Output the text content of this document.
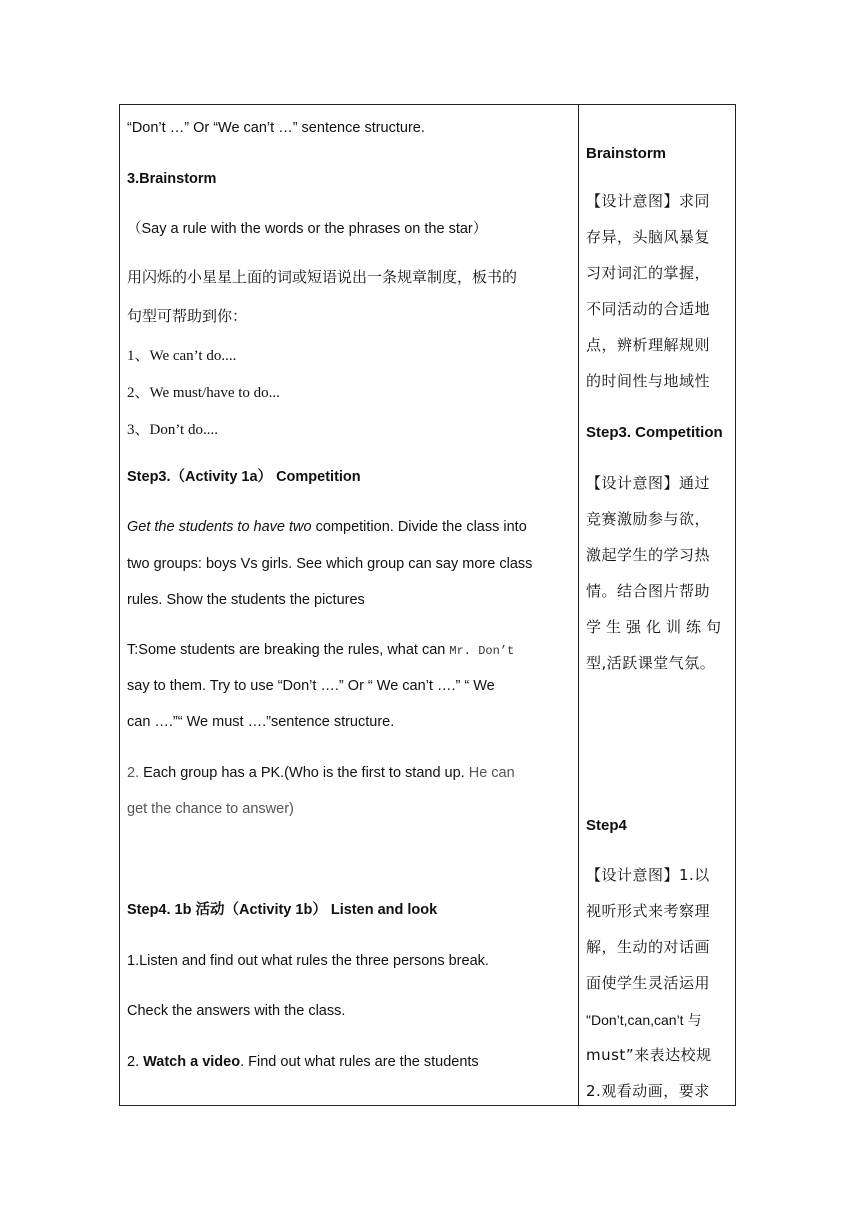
“Don’t …” Or “We can’t …” sentence structure.
3.Brainstorm
（Say a rule with the words or the phrases on the star）
用闪烁的小星星上面的词或短语说出一条规章制度，板书的
句型可帮助到你：
1、We can’t do....
2、We must/have to do...
3、Don’t do....
Step3.（Activity 1a） Competition
Get the students to have two competition. Divide the class into
two groups: boys Vs girls. See which group can say more class
rules. Show the students the pictures
T:Some students are breaking the rules, what can Mr. Don’t
say to them. Try to use “Don’t ….” Or “ We can’t ….” “ We
can ….”“ We must ….”sentence structure.
2. Each group has a PK.(Who is the first to stand up. He can
get the chance to answer)
Step4. 1b 活动（Activity 1b） Listen and look
1.Listen and find out what rules the three persons break.
Check the answers with the class.
2. Watch a video. Find out what rules are the students
Brainstorm
【设计意图】求同
存异，头脑风暴复
习对词汇的掌握，
不同活动的合适地
点，辨析理解规则
的时间性与地域性
Step3. Competition
【设计意图】通过
竞赛激励参与欲，
激起学生的学习热
情。结合图片帮助
学生强化训练句
型,活跃课堂气氛。
Step4
【设计意图】1.以
视听形式来考察理
解，生动的对话画
面使学生灵活运用
"Don’t,can,can’t 与
must”来表达校规
2.观看动画，要求
